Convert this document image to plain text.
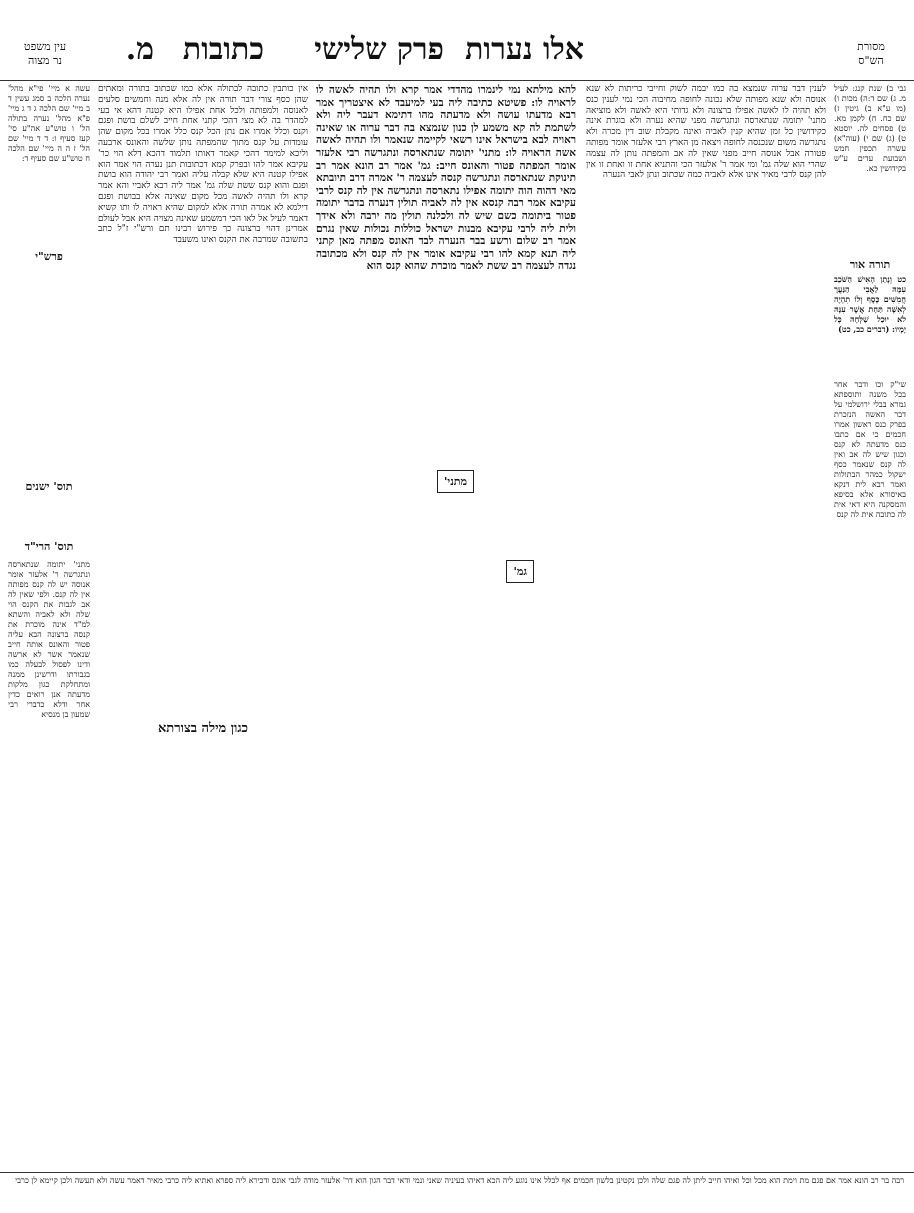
מסורת
הש"ס
אלו נערות
פרק שלישי
כתובות
מ.
עין משפט
נר מצוה
גבי ב) שנת קנג: לעיל מ. ג) שם ד:ה) מכות ו) (מו ע"א ב) גיטין ז) שם כח. ח) לקמן מא. ט) פסחים לה. יוסטא ט) (ג) שם י) (עוה"א) עשרה תכפין חמש ושבועת עדים ע"ש בקידושין כא.
תורה אור
כט וְנָתַן הָאִישׁ הַשֹּׁכֵב עִמָּהּ לַאֲבִי הַנַּעֲרָ חֲמִשִּׁים כָּסֶף וְלוֹ תִהְיֶה לְאִשָּׁה תַּחַת אֲשֶׁר עִנָּהּ לֹא יוּכַל שַׁלְּחָהּ כָּל יָמָיו: (דברים כב, כט)
שי"ק וכו ודבר אחר בכל משנה ותוספתא גמרא בבלי ירושלמי על דבר האשה הנזכרת בפרק כנס ראשון אמרו חכמים כי אם כתבו כנס מדעתה לא קנס וכגון שיש לה אב ואין לה קנס שנאמר כסף ישקול כמהר הבתולות ואמר רבא לית דנקא באיסורא אלא בסיפא והמסקנה היא דאי אית לה כתובה אית לה קנס
לענין דבר ערוה שנמצא בה כמו יבמה לשוק וחייבי כריתות לא שנא אנוסה ולא שנא מפותה שלא נכונה לחופה מחיבוה הכי נמי לענין כנס ולא תהיה לו לאשה אפילו ברצונה ולא גדותי היא לאשה ולא מוציאה מתני' יתומה שנתארסה ונתגרשה מפני שהיא נערה ולא בוגרת אינה כקידושין כל זמן שהיא קנין לאביה ואינה מקבלת שוב דין מכרה ולא נתגרשה משום שנכנסה לחופה ויצאה מן הארץ רבי אלעזר אומר מפותה פטורה אבל אנוסה חייב מפני שאין לה אב והמפתה נותן לה עצמה שהרי הוא שלה גמ' ומי אמר ר' אלעזר הכי והתניא אחת זו ואחת זו אין להן קנס לרבי מאיר אינו אלא לאביה כמה שכתוב ונתן לאבי הנערה
להא מילתא נמי לינמרו מהדדי אמר קרא ולו תהיה לאשה לו לראויה לו: פשיטא כתיבה ליה בעי למיעבד לא איצטריך אמר רבא מדעתו עושה ולא מדעתה מהו דתימא דעבר ליה ולא לשתמת לה קא משמע לן כנון שנמצא בה דבר ערוה או שאינה ראויה לבא בישראל אינו רשאי לקיימה שנאמר ולו תהיה לאשה אשה הראויה לו: מתני' יתומה שנתארסה ונתגרשה רבי אלעזר אומר המפתה פטור והאונס חייב: גמ' אמר רב הונא אמר רב תינוקת שנתארסה ונתגרשה קנסה לעצמה ר' אמרה דרב תיובתא מאי דהוה הוה יתומה אפילו נתארסה ונתגרשה אין לה קנס לרבי עקיבא אמר רבה קנסא אין לה לאביה תולין דנערה בדבר יתומה פטור ביתומה כשם שיש לה ולכלנה תולין מה ירבה ולא אידך ולית ליה לרבי עקיבא מבנות ישראל כוללות נכולות שאין נגרם אמר רב שלום ורשע בבר הנערה לבד האונס מפתה מאן קתני ליה תנא קמא להו רבי עקיבא אומר אין לה קנס ולא מכתובה נגדה לעצמה רב ששת לאמר מוכרת שהוא קנס הוא
מתני'
גמ'
אין כותבין כתובה לבתולה אלא כמו שכתוב בתורה ומאתים שהן כסף צורי דבר תורה אין לה אלא מנה וחמשים סלעים לאנוסה ולמפותה ולכל אחת אפילו היא קטנה דהא אי בעי למהדר בה לא מצי דהכי קתני אחת חייב לשלם בושת ופגם וקנס וכלל אמרו אם נתן הכל קנס כלל אמרו בכל מקום שהן עומדות על קנס מתוך שהמפתה נותן שלשה והאונס ארבעה וליכא למימר דהכי קאמר דאותו תלמוד דהכא דלא הוי כר' עקיבא אמר להו ובפרק קמא דכתובות תנן נערה הוי אמר הוא אפילו קטנה היא שלא קבלה עליה ואמר רבי יהודה הוא בושת ופגם והוא קנס ששת שלה גמ' אמר ליה רבא לאביי והא אמר קרא ולו תהיה לאשה מכל מקום שאינה אלא בבושת ופגם דילמא לא אמרה תורה אלא למקום שהיא ראויה לו ותו קשיא דאמר לעיל אל לאו הכי דמשמע שאינה מצויה היא אבל לעולם אמרינן דהוי ברצונה כך פירוש רבינו תם ורש"י ז"ל כתב בתשובה שמרבה את הקנס ואינו משעבד
כגון מילה בצורתא
עשה א מיי' פי"א מהל' נערה הלכה ב סמג עשין ד ב מיי' שם הלכה ג ד ג מיי' פ"א מהל' נערה בתולה הל' ו טוש"ע אה"ע סי' קעז סעיף ו: ד ד מיי' שם הל' ז ה ה מיי' שם הלכה ח טוש"ע שם סעיף ד:
פרש"י
תוס' ישנים
תוס' הרי"ד
מתני' יתומה שנתארסה ונתגרשה ר' אלעזר אומר אנוסה יש לה קנס מפותה אין לה קנס. ולפי שאין לה אב לגבות את הקנס הוי שלה ולא לאביה והשתא למ"ד אינה מוכרת את קנסה ברצונה הבא עליה פטור והאונס אותה חייב שנאמר אשר לא ארשה ודינו לפסול לבעלה כמו בגבורתו ודרשינן ממנה ומתחלקת כגון מלקות מדעתה אנן רואים כדין אחר ודלא כדברי רבי שמעון בן מנסיא
רבה בר רב הונא אמר אם פגם מת וימת הוא מכל וכל ואיהו חייב ליתן לה פגם שלה ולכן נקטינן בלשון חכמים אף לכלל אינו נוגע ליה הכא דאיהו בעיניה שאני ונמי ודאי דבר הגון הוא דר' אלעזר מודה לגבי אונס ודכירא ליה ספרא ואתיא ליה כרבי מאיר דאמר עשה ולא תעשה ולכן קיימא לן כרבי
